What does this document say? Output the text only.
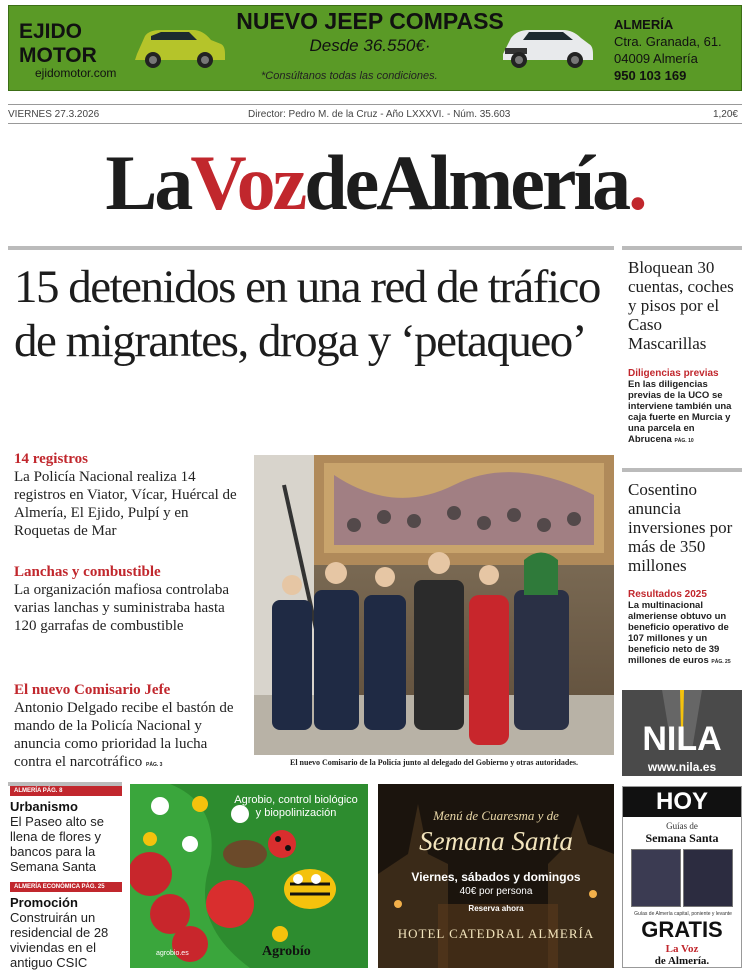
EJIDO
MOTOR
ejidomotor.com
NUEVO JEEP COMPASS
Desde 36.550€·
*Consúltanos todas las condiciones.
ALMERÍA
Ctra. Granada, 61.
04009 Almería
950 103 169
VIERNES 27.3.2026	Director: Pedro M. de la Cruz - Año LXXXVI. - Núm. 35.603	1,20€
LaVozdeAlmería.
15 detenidos en una red de tráfico de migrantes, droga y ‘petaqueo’
14 registros
La Policía Nacional realiza 14 registros en Viator, Vícar, Huércal de Almería, El Ejido, Pulpí y en Roquetas de Mar
Lanchas y combustible
La organización mafiosa controlaba varias lanchas y suministraba hasta 120 garrafas de combustible
El nuevo Comisario Jefe
Antonio Delgado recibe el bastón de mando de la Policía Nacional y anuncia como prioridad la lucha contra el narcotráfico PÁG. 3	El nuevo Comisario de la Policía junto al delegado del Gobierno y otras autoridades.
Bloquean 30 cuentas, coches y pisos por el Caso Mascarillas
Diligencias previas
En las diligencias previas de la UCO se interviene también una caja fuerte en Murcia y una parcela en Abrucena PÁG. 10
Cosentino anuncia inversiones por más de 350 millones
Resultados 2025
La multinacional almeriense obtuvo un beneficio operativo de 107 millones y un beneficio neto de 39 millones de euros PÁG. 25
NILA
www.nila.es
ALMERÍA PÁG. 8
Urbanismo
El Paseo alto se llena de flores y bancos para la Semana Santa
ALMERÍA ECONÓMICA PÁG. 25
Promoción
Construirán un residencial de 28 viviendas en el antiguo CSIC
Agrobio, control biológico
y biopolinización
Agrobío
agrobio.es
Menú de Cuaresma y de
Semana Santa
Viernes, sábados y domingos
40€ por persona
Reserva ahora
HOTEL CATEDRAL ALMERÍA
HOY
Guías de
Semana Santa
Guías de Almería capital, poniente y levante
GRATIS
La Voz
de Almería.
